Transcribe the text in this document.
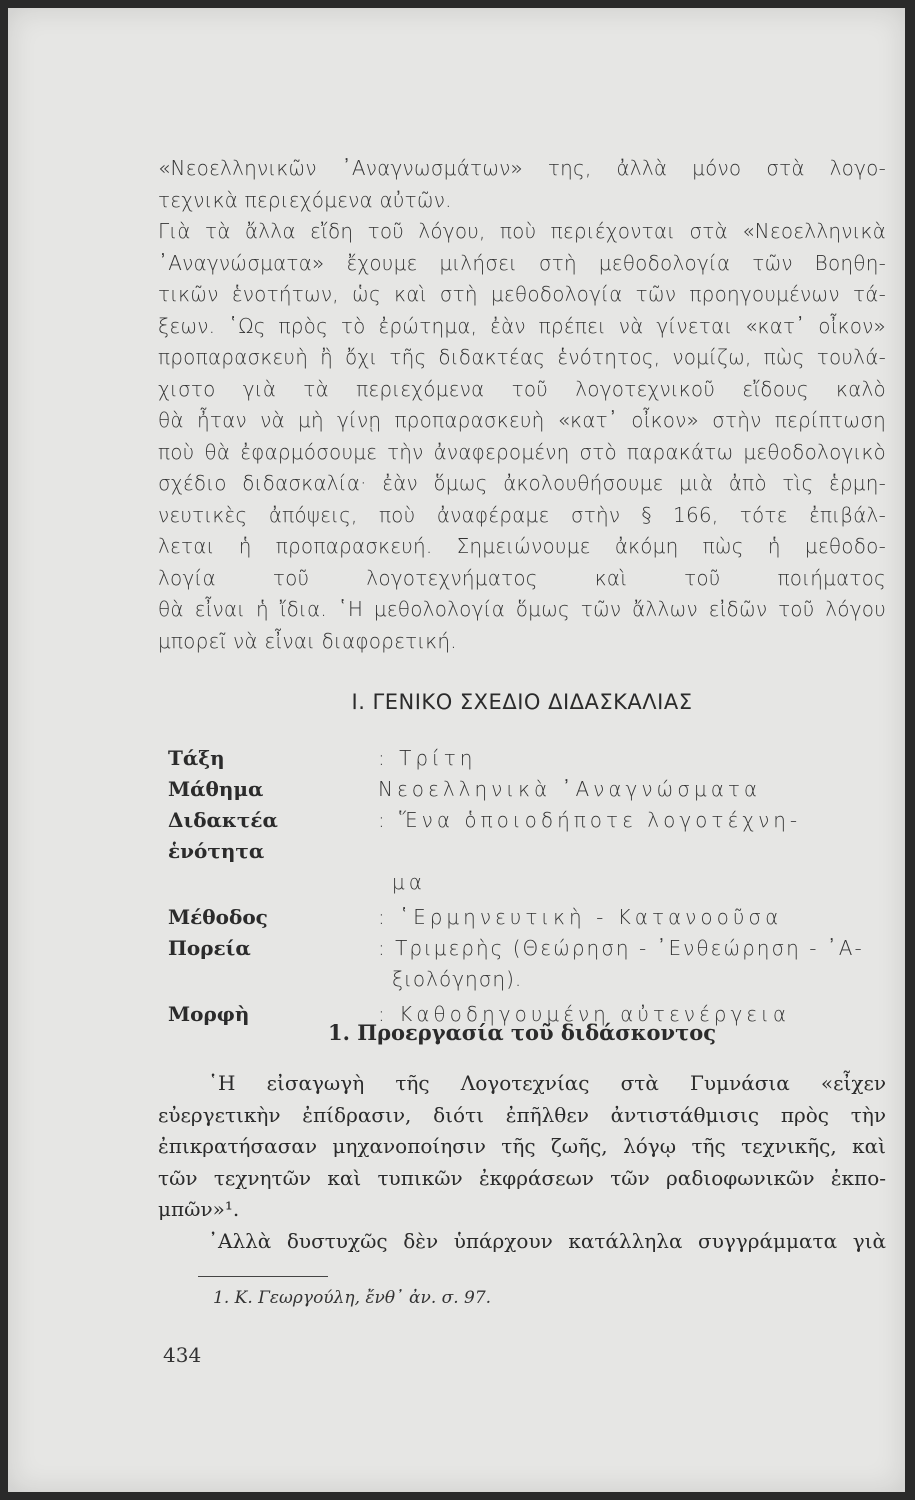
«Νεοελληνικῶν ᾿Αναγνωσμάτων» της, ἀλλὰ μόνο στὰ λογο-
τεχνικὰ περιεχόμενα αὐτῶν.
Γιὰ τὰ ἄλλα εἴδη τοῦ λόγου, ποὺ περιέχονται στὰ «Νεοελληνικὰ
᾿Αναγνώσματα» ἔχουμε μιλήσει στὴ μεθοδολογία τῶν Βοηθη-
τικῶν ἑνοτήτων, ὡς καὶ στὴ μεθοδολογία τῶν προηγουμένων τά-
ξεων. ῾Ως πρὸς τὸ ἐρώτημα, ἐὰν πρέπει νὰ γίνεται «κατ᾿ οἶκον»
προπαρασκευὴ ἢ ὄχι τῆς διδακτέας ἑνότητος, νομίζω, πὼς τουλά-
χιστο γιὰ τὰ περιεχόμενα τοῦ λογοτεχνικοῦ εἴδους καλὸ
θὰ ἦταν νὰ μὴ γίνῃ προπαρασκευὴ «κατ᾿ οἶκον» στὴν περίπτωση
ποὺ θὰ ἐφαρμόσουμε τὴν ἀναφερομένη στὸ παρακάτω μεθοδολογικὸ
σχέδιο διδασκαλία· ἐὰν ὅμως ἀκολουθήσουμε μιὰ ἀπὸ τὶς ἑρμη-
νευτικὲς ἀπόψεις, ποὺ ἀναφέραμε στὴν § 166, τότε ἐπιβάλ-
λεται ἡ προπαρασκευή. Σημειώνουμε ἀκόμη πὼς ἡ μεθοδο-
λογία τοῦ λογοτεχνήματος καὶ τοῦ ποιήματος
θὰ εἶναι ἡ ἴδια. ῾Η μεθολολογία ὅμως τῶν ἄλλων εἰδῶν τοῦ λόγου
μπορεῖ νὰ εἶναι διαφορετική.
Ι. ΓΕΝΙΚΟ ΣΧΕΔΙΟ ΔΙΔΑΣΚΑΛΙΑΣ
Τάξη	: Τρίτη
Μάθημα	Νεοελληνικὰ ᾿Αναγνώσματα
Διδακτέα ἑνότητα
: Ἕνα ὁποιοδήποτε λογοτέχνη-
μα
Μέθοδος	: ῾Ερμηνευτικὴ - Κατανοοῦσα
Πορεία	: Τριμερὴς (Θεώρηση - ᾿Ενθεώρηση - ᾿Α-
ξιολόγηση).
Μορφὴ	: Καθοδηγουμένη αὐτενέργεια
1. Προεργασία τοῦ διδάσκοντος
῾Η εἰσαγωγὴ τῆς Λογοτεχνίας στὰ Γυμνάσια «εἶχεν
εὐεργετικὴν ἐπίδρασιν, διότι ἐπῆλθεν ἀντιστάθμισις πρὸς τὴν
ἐπικρατήσασαν μηχανοποίησιν τῆς ζωῆς, λόγῳ τῆς τεχνικῆς, καὶ
τῶν τεχνητῶν καὶ τυπικῶν ἐκφράσεων τῶν ραδιοφωνικῶν ἐκπο-
μπῶν»¹.
᾿Αλλὰ δυστυχῶς δὲν ὑπάρχουν κατάλληλα συγγράμματα γιὰ
1. Κ. Γεωργούλη, ἔνθ᾿ ἀν. σ. 97.
434
